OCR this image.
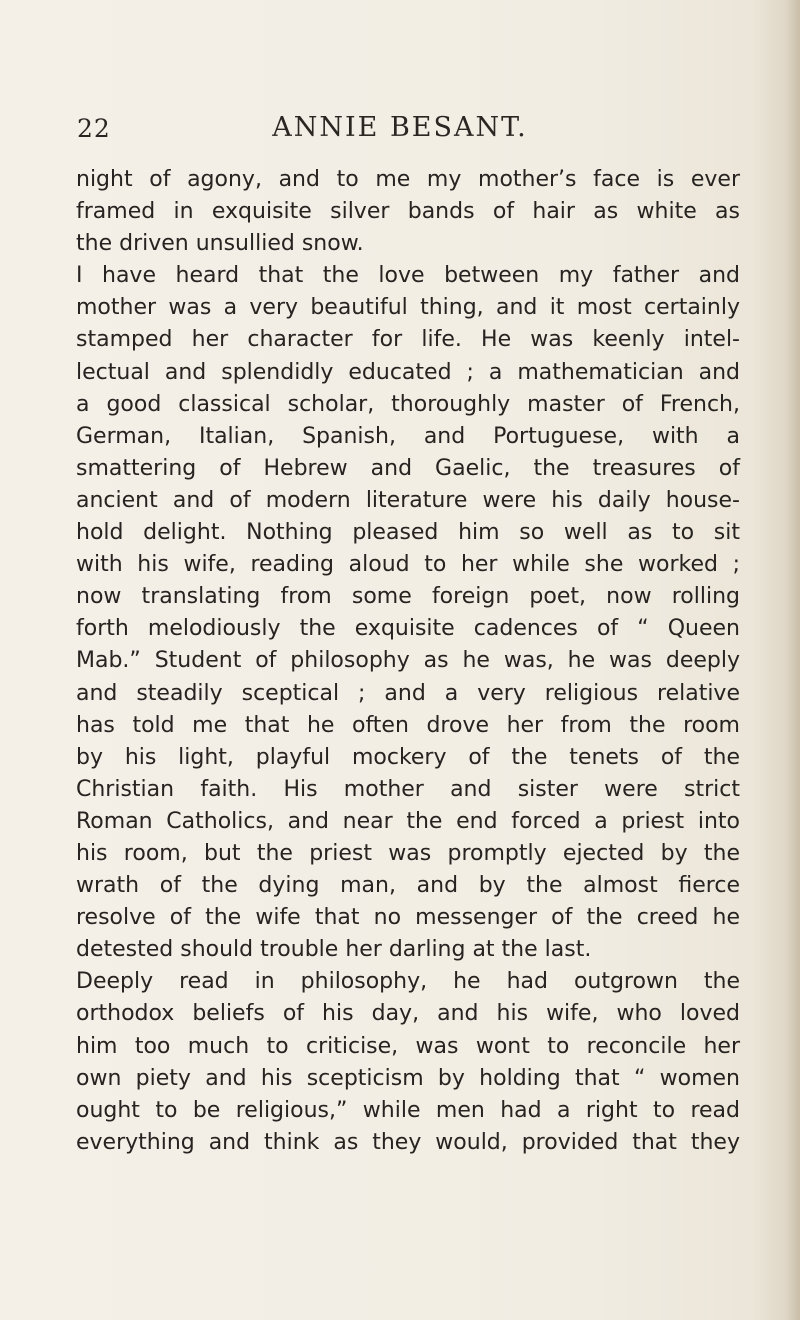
22	ANNIE BESANT.
night of agony, and to me my mother’s face is ever
framed in exquisite silver bands of hair as white as
the driven unsullied snow.
I have heard that the love between my father and
mother was a very beautiful thing, and it most certainly
stamped her character for life. He was keenly intel-
lectual and splendidly educated ; a mathematician and
a good classical scholar, thoroughly master of French,
German, Italian, Spanish, and Portuguese, with a
smattering of Hebrew and Gaelic, the treasures of
ancient and of modern literature were his daily house-
hold delight. Nothing pleased him so well as to sit
with his wife, reading aloud to her while she worked ;
now translating from some foreign poet, now rolling
forth melodiously the exquisite cadences of “ Queen
Mab.” Student of philosophy as he was, he was deeply
and steadily sceptical ; and a very religious relative
has told me that he often drove her from the room
by his light, playful mockery of the tenets of the
Christian faith. His mother and sister were strict
Roman Catholics, and near the end forced a priest into
his room, but the priest was promptly ejected by the
wrath of the dying man, and by the almost fierce
resolve of the wife that no messenger of the creed he
detested should trouble her darling at the last.
Deeply read in philosophy, he had outgrown the
orthodox beliefs of his day, and his wife, who loved
him too much to criticise, was wont to reconcile her
own piety and his scepticism by holding that “ women
ought to be religious,” while men had a right to read
everything and think as they would, provided that they
